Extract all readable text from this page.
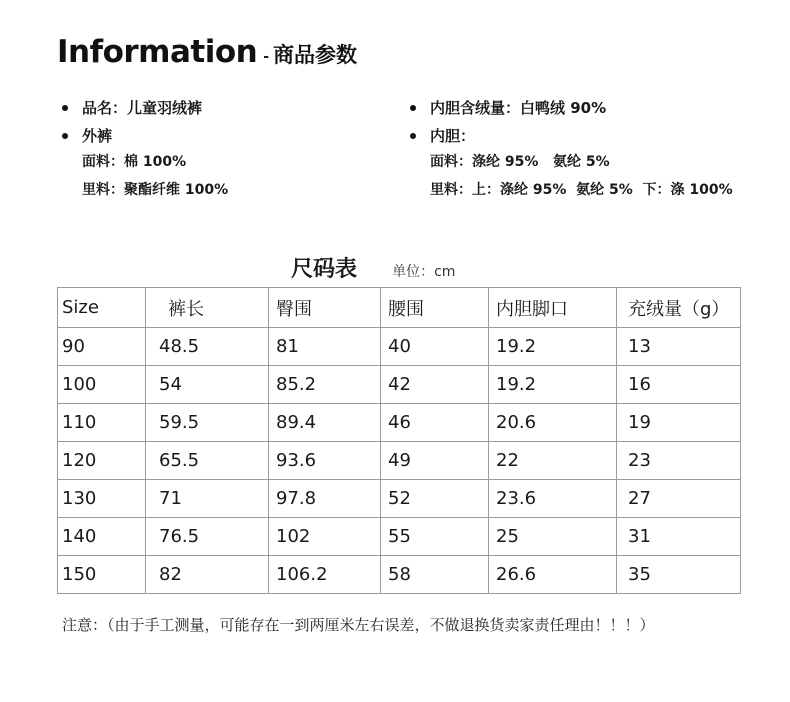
Information - 商品参数
品名：儿童羽绒裤
外裤
面料：棉 100%
里料：聚酯纤维 100%
内胆含绒量：白鸭绒 90%
内胆：
面料：涤纶 95%   氨纶 5%
里料：上：涤纶 95%  氨纶 5%  下：涤 100%
尺码表	单位：cm
Size	裤长	臀围	腰围	内胆脚口	充绒量（g）
90	48.5	81	40	19.2	13
100	54	85.2	42	19.2	16
110	59.5	89.4	46	20.6	19
120	65.5	93.6	49	22	23
130	71	97.8	52	23.6	27
140	76.5	102	55	25	31
150	82	106.2	58	26.6	35
注意：（由于手工测量，可能存在一到两厘米左右误差，不做退换货卖家责任理由！！！）
